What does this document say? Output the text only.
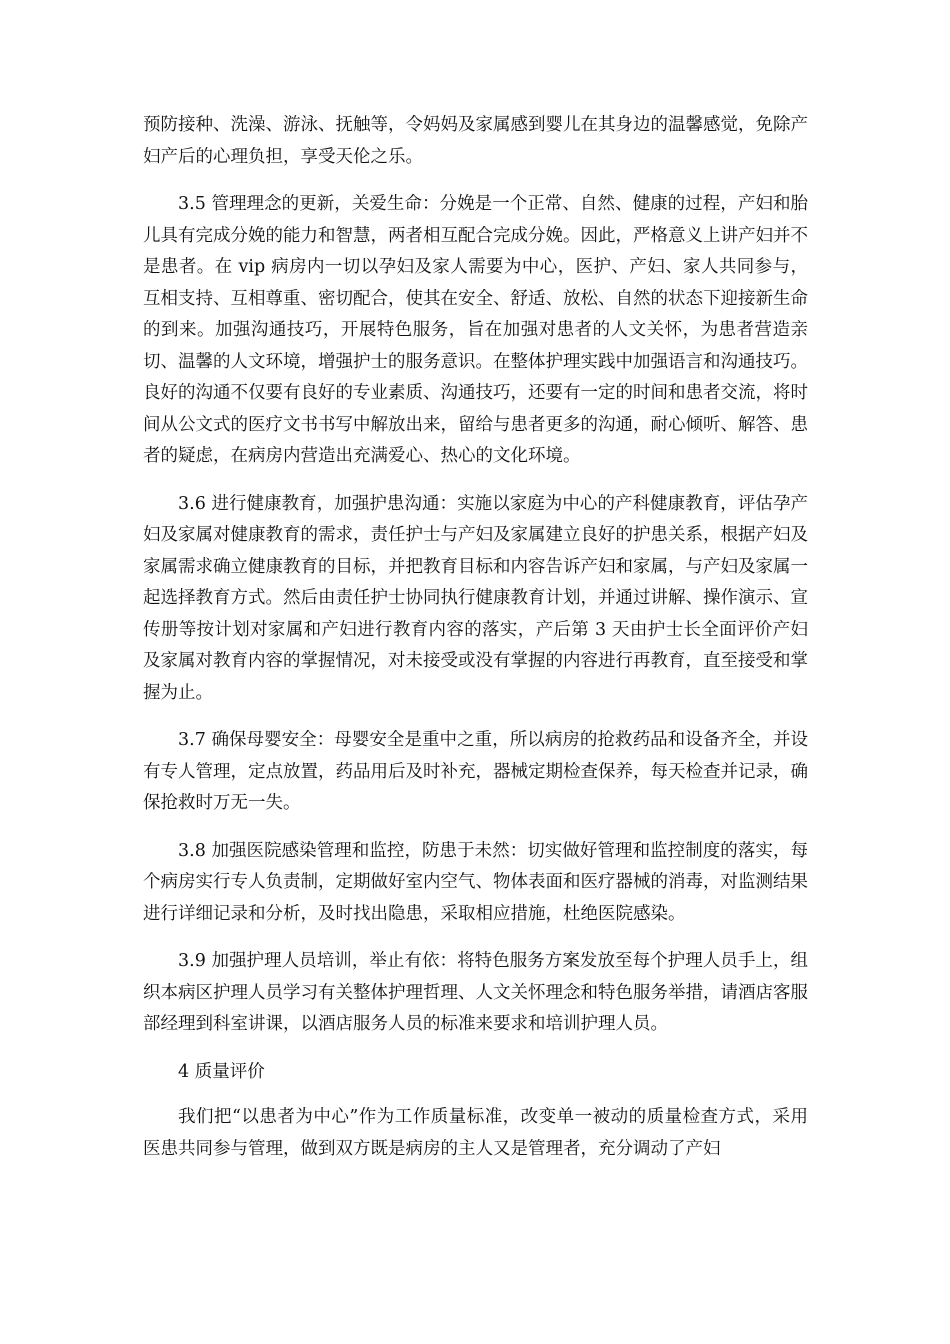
预防接种、洗澡、游泳、抚触等，令妈妈及家属感到婴儿在其身边的温馨感觉，免除产妇产后的心理负担，享受天伦之乐。

3.5 管理理念的更新，关爱生命：分娩是一个正常、自然、健康的过程，产妇和胎儿具有完成分娩的能力和智慧，两者相互配合完成分娩。因此，严格意义上讲产妇并不是患者。在 vip 病房内一切以孕妇及家人需要为中心，医护、产妇、家人共同参与，互相支持、互相尊重、密切配合，使其在安全、舒适、放松、自然的状态下迎接新生命的到来。加强沟通技巧，开展特色服务，旨在加强对患者的人文关怀，为患者营造亲切、温馨的人文环境，增强护士的服务意识。在整体护理实践中加强语言和沟通技巧。良好的沟通不仅要有良好的专业素质、沟通技巧，还要有一定的时间和患者交流，将时间从公文式的医疗文书书写中解放出来，留给与患者更多的沟通，耐心倾听、解答、患者的疑虑，在病房内营造出充满爱心、热心的文化环境。

3.6 进行健康教育，加强护患沟通：实施以家庭为中心的产科健康教育，评估孕产妇及家属对健康教育的需求，责任护士与产妇及家属建立良好的护患关系，根据产妇及家属需求确立健康教育的目标，并把教育目标和内容告诉产妇和家属，与产妇及家属一起选择教育方式。然后由责任护士协同执行健康教育计划，并通过讲解、操作演示、宣传册等按计划对家属和产妇进行教育内容的落实，产后第 3 天由护士长全面评价产妇及家属对教育内容的掌握情况，对未接受或没有掌握的内容进行再教育，直至接受和掌握为止。

3.7 确保母婴安全：母婴安全是重中之重，所以病房的抢救药品和设备齐全，并设有专人管理，定点放置，药品用后及时补充，器械定期检查保养，每天检查并记录，确保抢救时万无一失。

3.8 加强医院感染管理和监控，防患于未然：切实做好管理和监控制度的落实，每个病房实行专人负责制，定期做好室内空气、物体表面和医疗器械的消毒，对监测结果进行详细记录和分析，及时找出隐患，采取相应措施，杜绝医院感染。

3.9 加强护理人员培训，举止有依：将特色服务方案发放至每个护理人员手上，组织本病区护理人员学习有关整体护理哲理、人文关怀理念和特色服务举措，请酒店客服部经理到科室讲课，以酒店服务人员的标准来要求和培训护理人员。

4 质量评价

我们把“以患者为中心”作为工作质量标准，改变单一被动的质量检查方式，采用医患共同参与管理，做到双方既是病房的主人又是管理者，充分调动了产妇
